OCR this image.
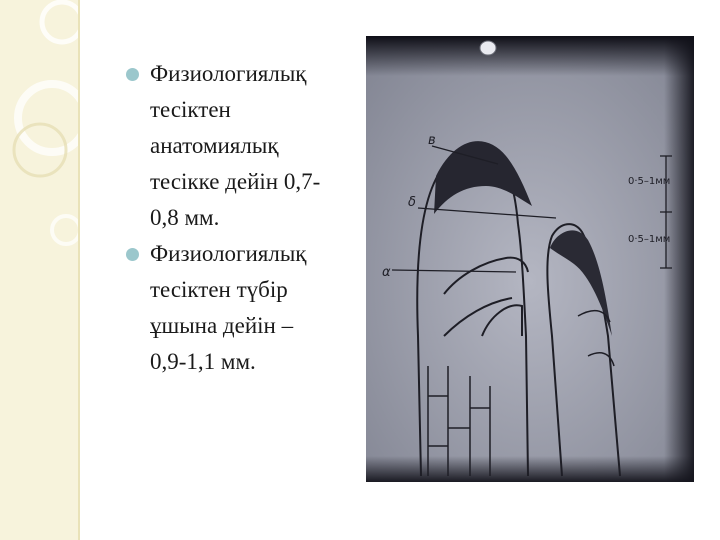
Физиологиялық
тесіктен
анатомиялық
тесікке дейін 0,7-
0,8 мм.
Физиологиялық
тесіктен түбір
ұшына дейін –
0,9-1,1 мм.
в
δ
α
0·5–1мм
0·5–1мм
